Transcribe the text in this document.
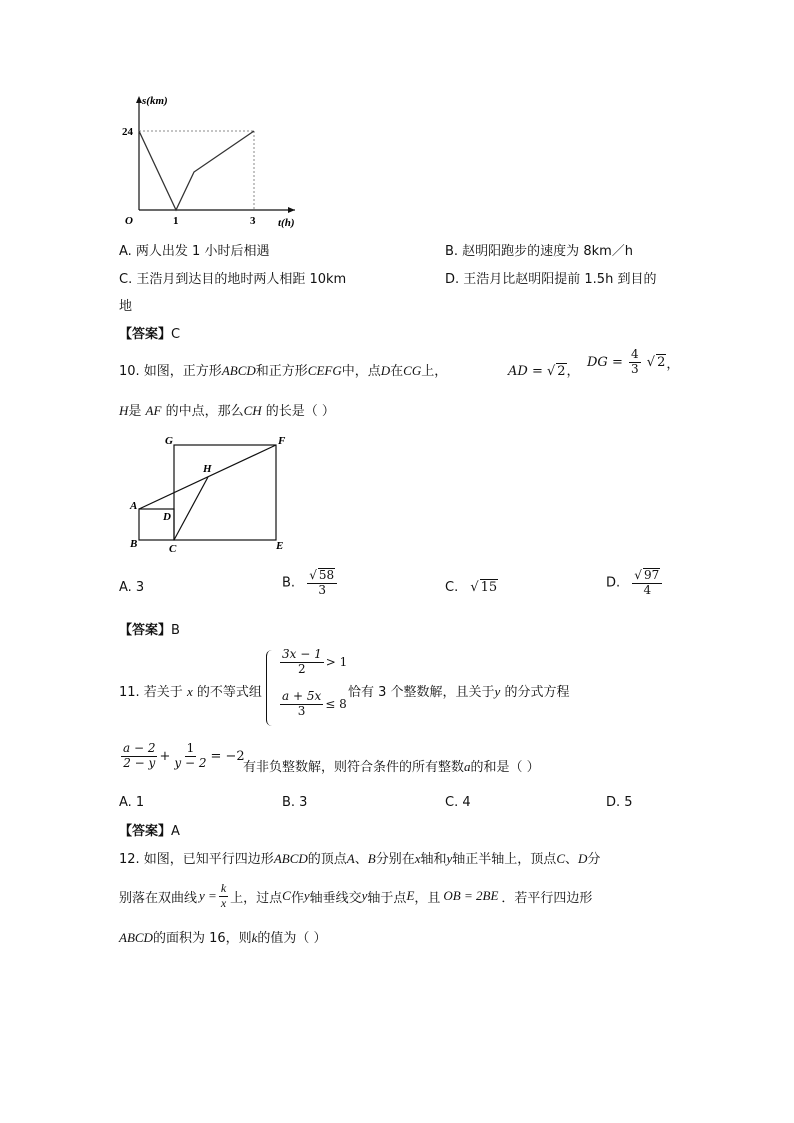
s(km)
t(h)
24
O	1	3
A. 两人出发 1 小时后相遇	B. 赵明阳跑步的速度为 8km／h
C. 王浩月到达目的地时两人相距 10km	D. 王浩月比赵明阳提前 1.5h 到目的
地
【答案】C
10. 如图，正方形ABCD和正方形CEFG中，点D在CG上，	AD = √ 2，
DG = $\frac{4}{3}$ √ 2，
H是 AF 的中点，那么CH 的长是（ ）
G	F
H
A
D
B	C	E
A. 3	B. $\frac{√ 58}{3}$	C. √ 15	D. $\frac{√ 97}{4}$
【答案】B
11. 若关于 x 的不等式组
$\frac{3x - 1}{2} > 1$
$\frac{a + 5x}{3} \le 8$
恰有 3 个整数解，且关于y 的分式方程
$\frac{a - 2}{2 - y} + \frac{1}{y - 2} = -2$
有非负整数解，则符合条件的所有整数a的和是（ ）
A. 1	B. 3	C. 4	D. 5
【答案】A
12. 如图，已知平行四边形ABCD的顶点A、B分别在x轴和y轴正半轴上，顶点C、D分
别落在双曲线 $y = \frac{k}{x}$ 上，过点 C 作 y 轴垂线交 y 轴于点 E ，且 OB = 2BE ．若平行四边形
ABCD的面积为 16，则k的值为（ ）
